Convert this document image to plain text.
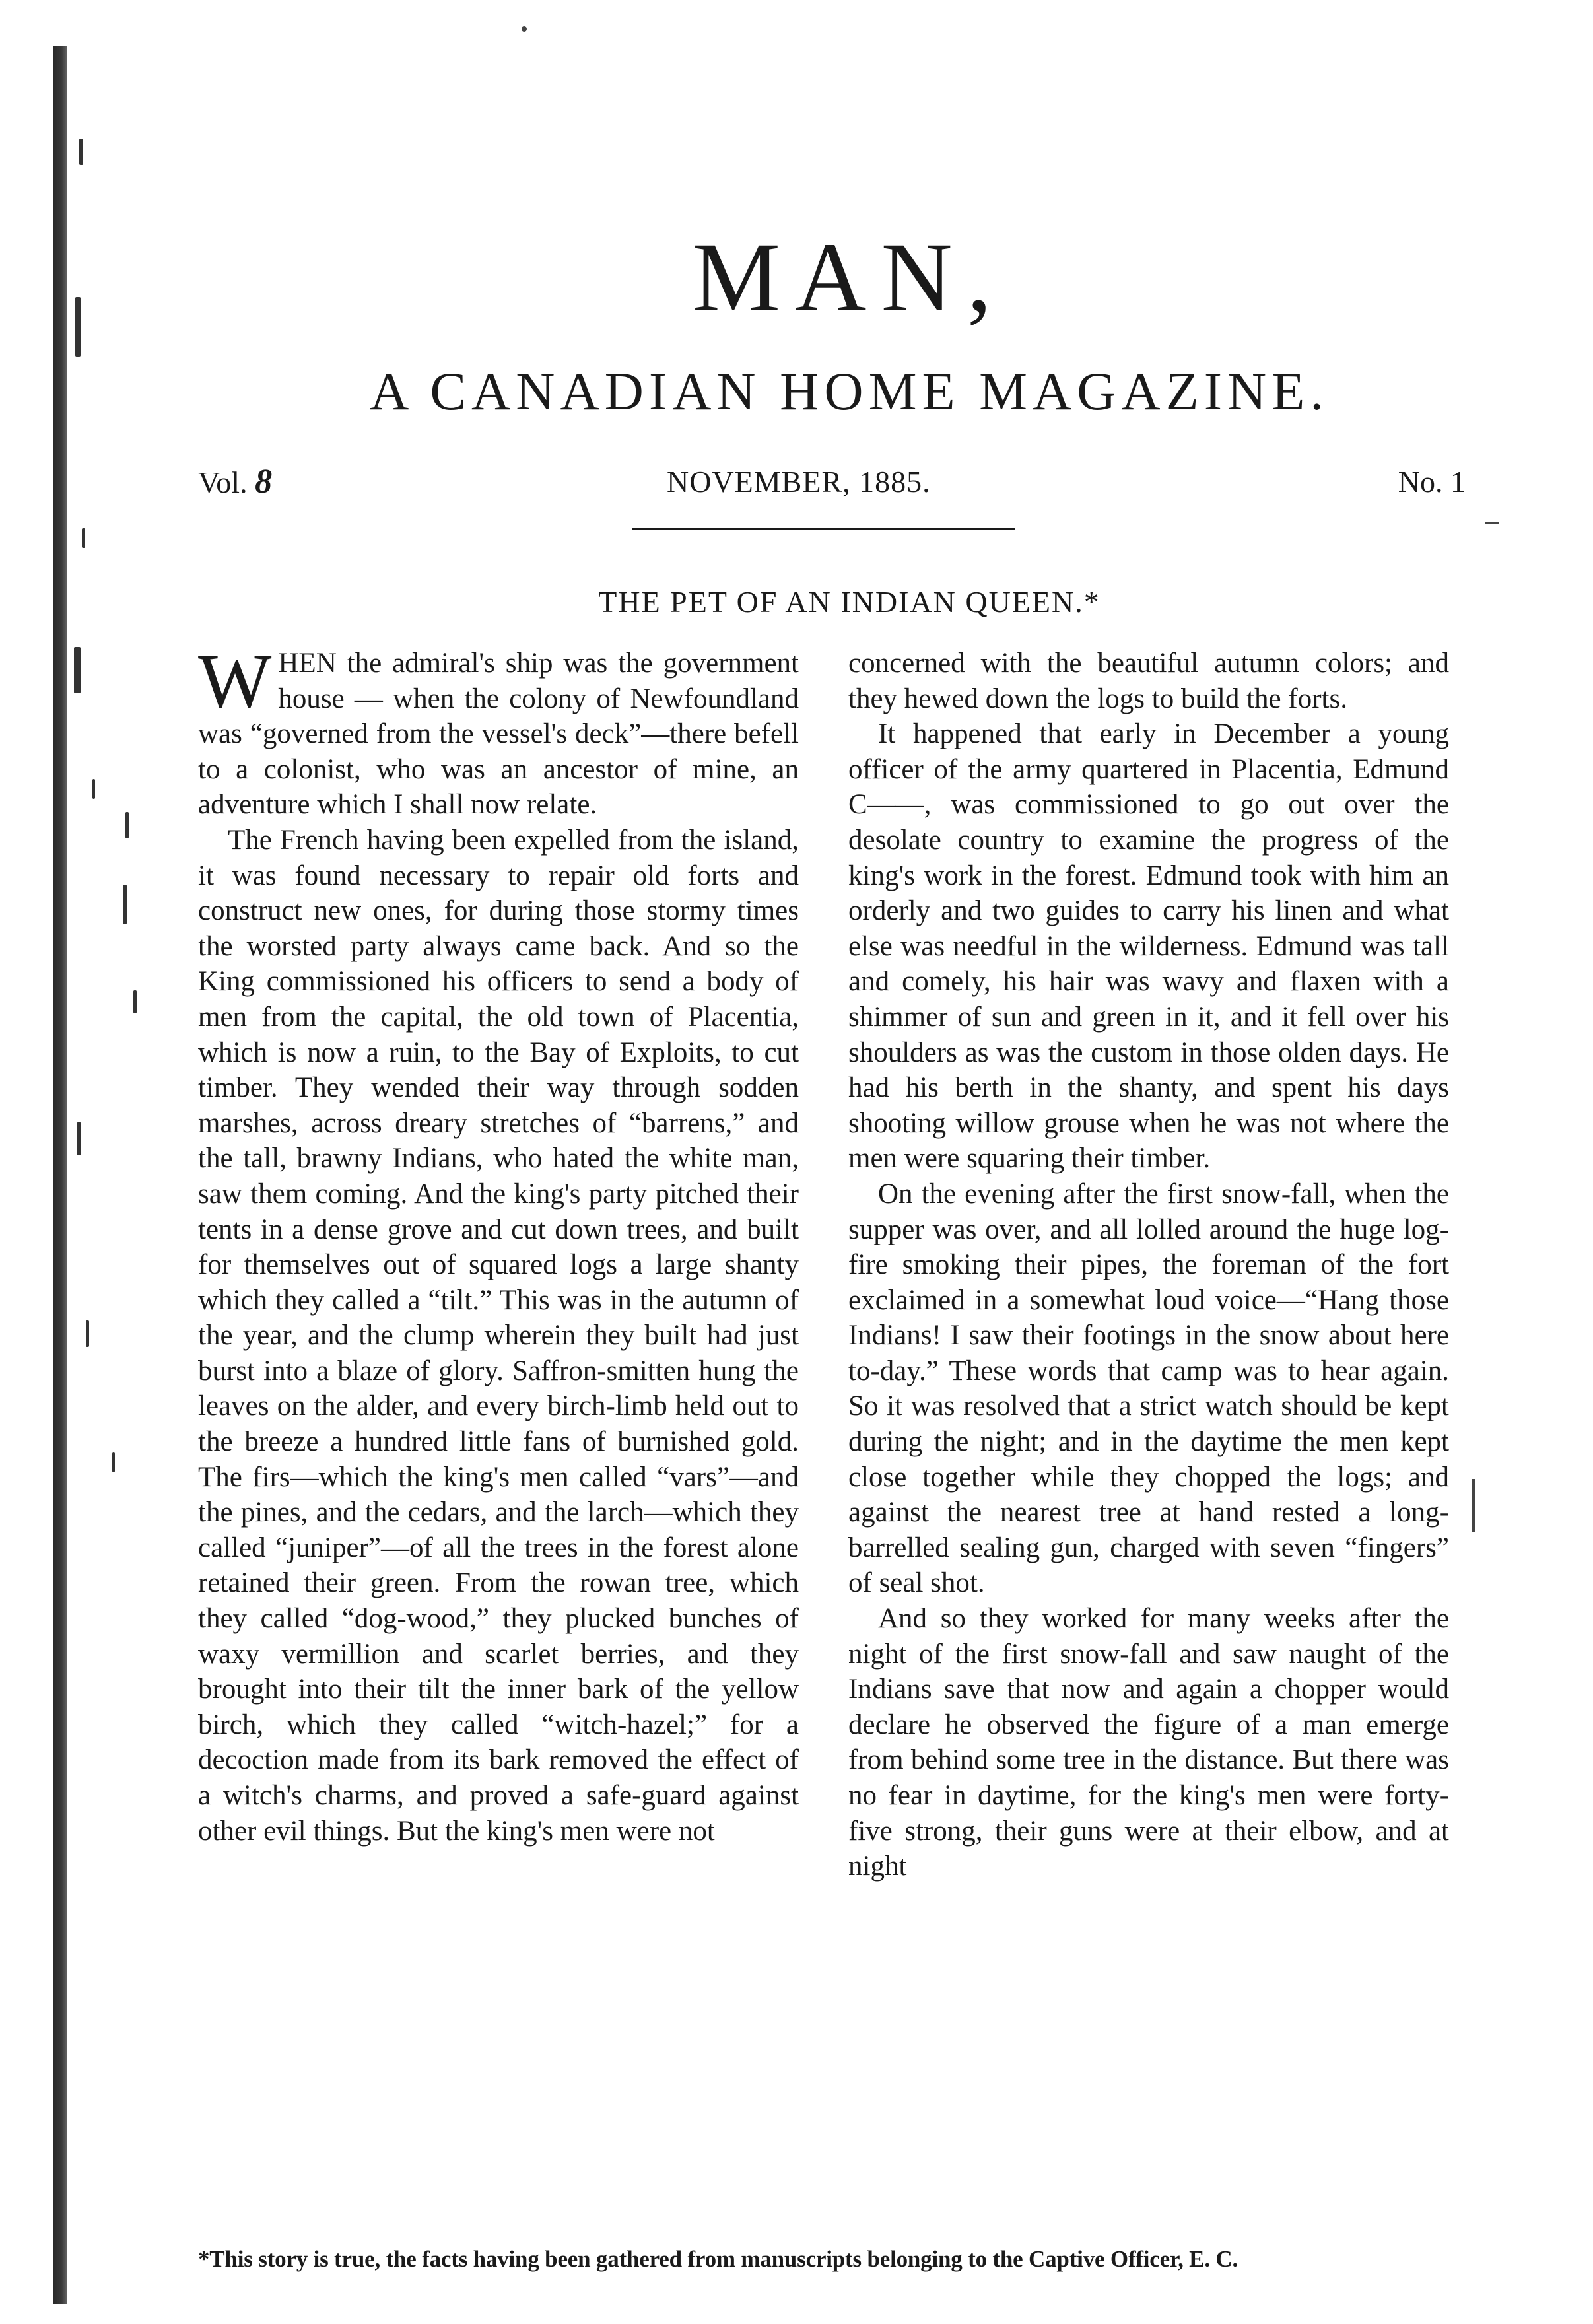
MAN,
A CANADIAN HOME MAGAZINE.
Vol. 8	NOVEMBER, 1885.	No. 1
THE PET OF AN INDIAN QUEEN.*

WHEN the admiral's ship was the government house — when the colony of Newfoundland was “governed from the vessel's deck”—there befell to a colonist, who was an ancestor of mine, an adventure which I shall now relate.

The French having been expelled from the island, it was found necessary to repair old forts and construct new ones, for during those stormy times the worsted party always came back. And so the King commissioned his officers to send a body of men from the capital, the old town of Placentia, which is now a ruin, to the Bay of Exploits, to cut timber. They wended their way through sodden marshes, across dreary stretches of “barrens,” and the tall, brawny Indians, who hated the white man, saw them coming. And the king's party pitched their tents in a dense grove and cut down trees, and built for themselves out of squared logs a large shanty which they called a “tilt.” This was in the autumn of the year, and the clump wherein they built had just burst into a blaze of glory. Saffron-smitten hung the leaves on the alder, and every birch-limb held out to the breeze a hundred little fans of burnished gold. The firs—which the king's men called “vars”—and the pines, and the cedars, and the larch—which they called “juniper”—of all the trees in the forest alone retained their green. From the rowan tree, which they called “dog-wood,” they plucked bunches of waxy vermillion and scarlet berries, and they brought into their tilt the inner bark of the yellow birch, which they called “witch-hazel;” for a decoction made from its bark removed the effect of a witch's charms, and proved a safe-guard against other evil things. But the king's men were not

concerned with the beautiful autumn colors; and they hewed down the logs to build the forts.

It happened that early in December a young officer of the army quartered in Placentia, Edmund C——, was commissioned to go out over the desolate country to examine the progress of the king's work in the forest. Edmund took with him an orderly and two guides to carry his linen and what else was needful in the wilderness. Edmund was tall and comely, his hair was wavy and flaxen with a shimmer of sun and green in it, and it fell over his shoulders as was the custom in those olden days. He had his berth in the shanty, and spent his days shooting willow grouse when he was not where the men were squaring their timber.

On the evening after the first snow-fall, when the supper was over, and all lolled around the huge log-fire smoking their pipes, the foreman of the fort exclaimed in a somewhat loud voice—“Hang those Indians! I saw their footings in the snow about here to-day.” These words that camp was to hear again. So it was resolved that a strict watch should be kept during the night; and in the daytime the men kept close together while they chopped the logs; and against the nearest tree at hand rested a long-barrelled sealing gun, charged with seven “fingers” of seal shot.

And so they worked for many weeks after the night of the first snow-fall and saw naught of the Indians save that now and again a chopper would declare he observed the figure of a man emerge from behind some tree in the distance. But there was no fear in daytime, for the king's men were forty-five strong, their guns were at their elbow, and at night

*This story is true, the facts having been gathered from manuscripts belonging to the Captive Officer, E. C.
